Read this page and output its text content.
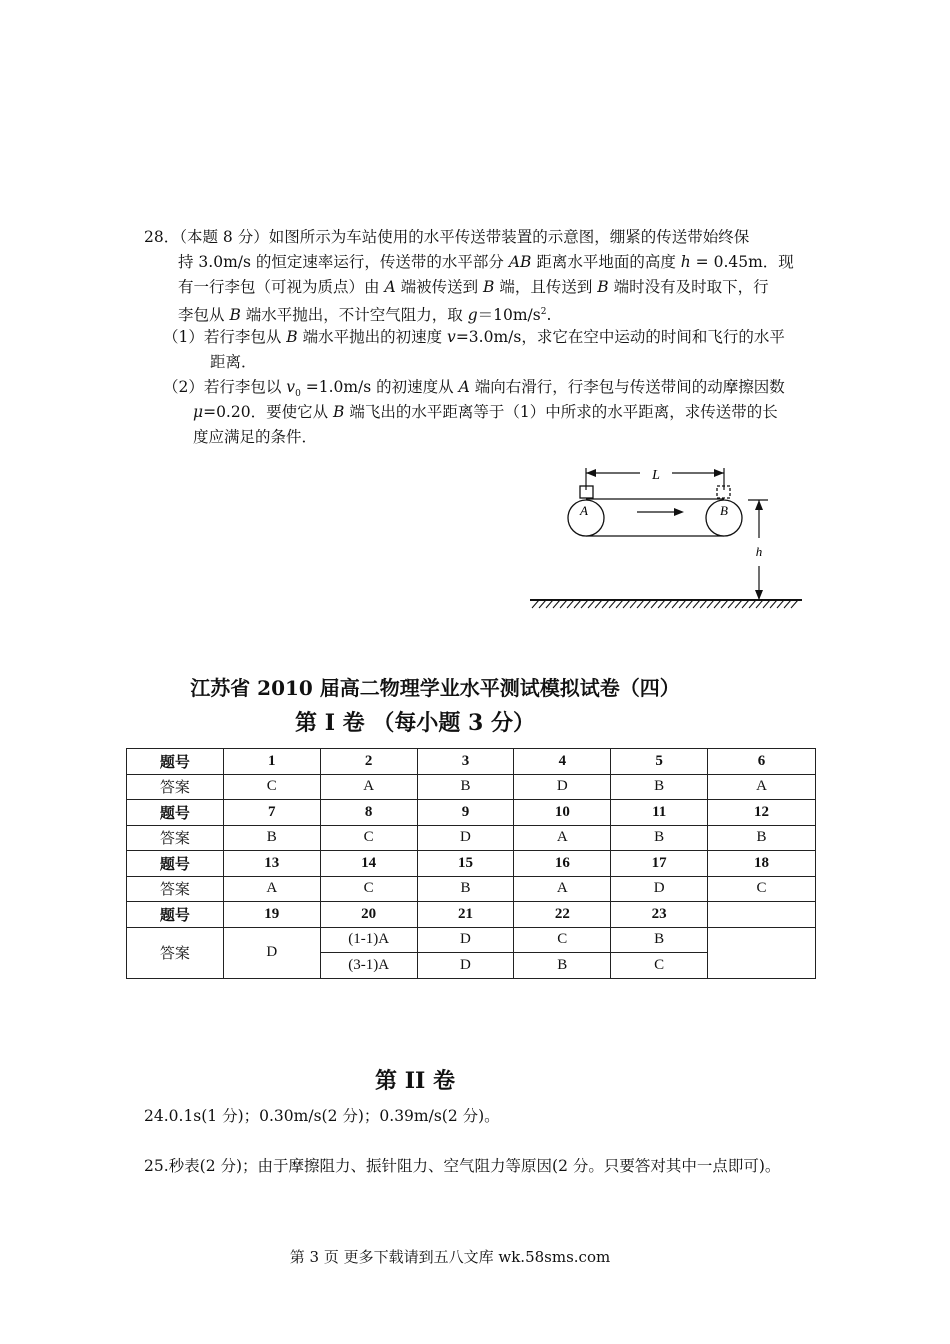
28．（本题 8 分）如图所示为车站使用的水平传送带装置的示意图，绷紧的传送带始终保
持 3.0m/s 的恒定速率运行，传送带的水平部分 AB 距离水平地面的高度 h = 0.45m．现
有一行李包（可视为质点）由 A 端被传送到 B 端，且传送到 B 端时没有及时取下，行
李包从 B 端水平抛出，不计空气阻力，取 $g=10m/s^2$.
（1）若行李包从 B 端水平抛出的初速度 v=3.0m/s，求它在空中运动的时间和飞行的水平
距离．
（2）若行李包以 $v_0 =1.0m/s$ 的初速度从 A 端向右滑行，行李包与传送带间的动摩擦因数
μ=0.20．要使它从 B 端飞出的水平距离等于（1）中所求的水平距离，求传送带的长
度应满足的条件．
L
A	B
h
江苏省 2010 届高二物理学业水平测试模拟试卷（四）
第 I 卷 （每小题 3 分）
题号	1	2	3	4	5	6
答案	C	A	B	D	B	A
题号	7	8	9	10	11	12
答案	B	C	D	A	B	B
题号	13	14	15	16	17	18
答案	A	C	B	A	D	C
题号	19	20	21	22	23	
答案	D	(1-1)A	D	C	B	
		(3-1)A	D	B	C	
第 II 卷
24.0.1s(1 分)；0.30m/s(2 分)；0.39m/s(2 分)。
25.秒表(2 分)；由于摩擦阻力、振针阻力、空气阻力等原因(2 分。只要答对其中一点即可)。
第 3 页 更多下载请到五八文库 wk.58sms.com
